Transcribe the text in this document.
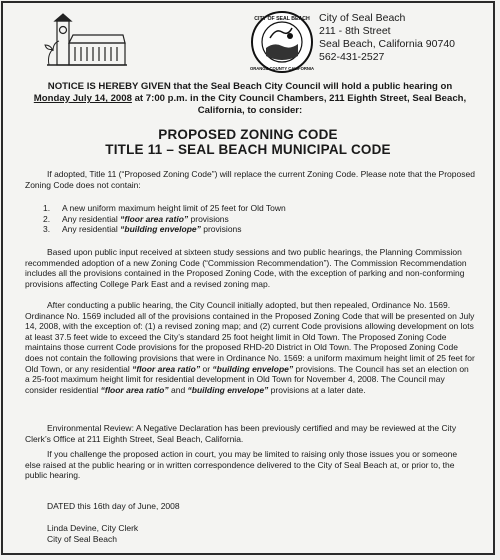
CITY OF SEAL BEACH
ORANGE COUNTY CALIFORNIA
City of Seal Beach
211 - 8th Street
Seal Beach, California 90740
562-431-2527
NOTICE IS HEREBY GIVEN that the Seal Beach City Council will hold a public hearing on
Monday July 14, 2008 at 7:00 p.m. in the City Council Chambers, 211 Eighth Street, Seal Beach, California, to consider:
PROPOSED ZONING CODE
TITLE 11 – SEAL BEACH MUNICIPAL CODE
If adopted, Title 11 (“Proposed Zoning Code”) will replace the current Zoning Code. Please note that the Proposed Zoning Code does not contain:
1.	A new uniform maximum height limit of 25 feet for Old Town
2.	Any residential “floor area ratio” provisions
3.	Any residential “building envelope” provisions
Based upon public input received at sixteen study sessions and two public hearings, the Planning Commission recommended adoption of a new Zoning Code (“Commission Recommendation”). The Commission Recommendation includes all the provisions contained in the Proposed Zoning Code, with the exception of parking and non-conforming provisions affecting College Park East and a revised zoning map.
After conducting a public hearing, the City Council initially adopted, but then repealed, Ordinance No. 1569. Ordinance No. 1569 included all of the provisions contained in the Proposed Zoning Code that will be presented on July 14, 2008, with the exception of: (1) a revised zoning map; and (2) current Code provisions allowing development on lots at least 37.5 feet wide to exceed the City’s standard 25 foot height limit in Old Town. The Proposed Zoning Code maintains those current Code provisions for the proposed RHD-20 District in Old Town. The Proposed Zoning Code does not contain the following provisions that were in Ordinance No. 1569: a uniform maximum height limit of 25 feet for Old Town, or any residential “floor area ratio” or “building envelope” provisions. The Council has set an election on a 25-foot maximum height limit for residential development in Old Town for November 4, 2008. The Council may consider residential “floor area ratio” and “building envelope” provisions at a later date.
Environmental Review: A Negative Declaration has been previously certified and may be reviewed at the City Clerk’s Office at 211 Eighth Street, Seal Beach, California.
If you challenge the proposed action in court, you may be limited to raising only those issues you or someone else raised at the public hearing or in written correspondence delivered to the City of Seal Beach at, or prior to, the public hearing.
DATED this 16th day of June, 2008
Linda Devine, City Clerk
City of Seal Beach
